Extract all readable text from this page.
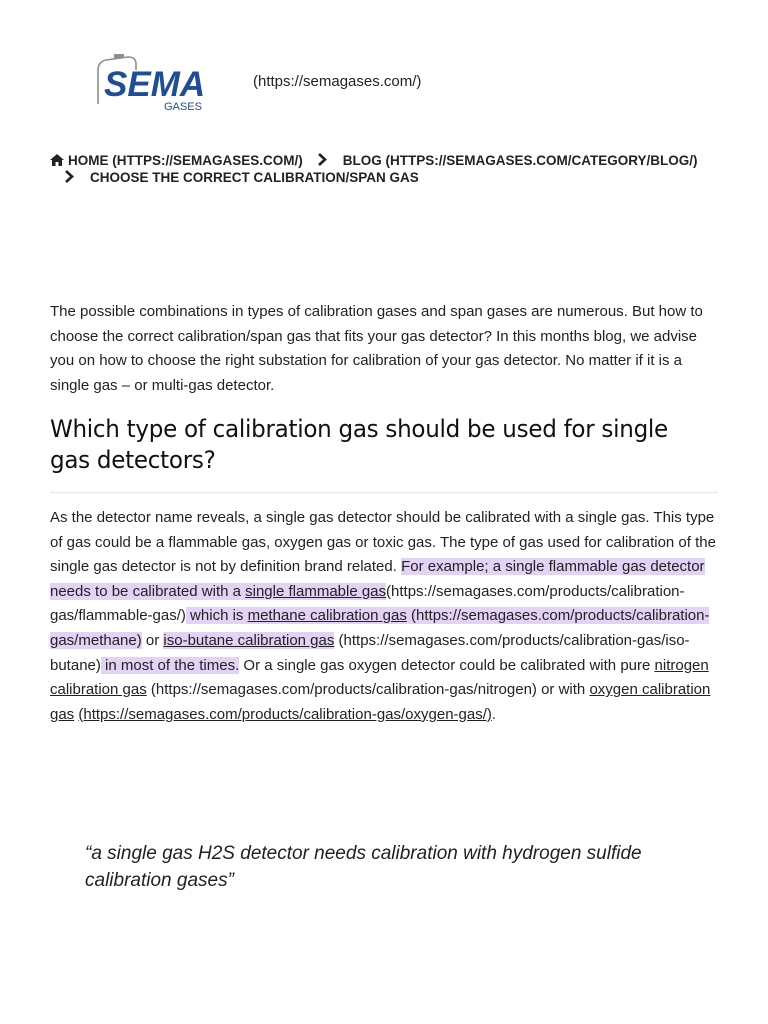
SEMA
GASES
(https://semagases.com/)
HOME (HTTPS://SEMAGASES.COM/)	BLOG (HTTPS://SEMAGASES.COM/CATEGORY/BLOG/)CHOOSE THE CORRECT CALIBRATION/SPAN GAS

The possible combinations in types of calibration gases and span gases are numerous. But how to choose the correct calibration/span gas that fits your gas detector? In this months blog, we advise you on how to choose the right substation for calibration of your gas detector. No matter if it is a single gas – or multi-gas detector.

Which type of calibration gas should be used for single gas detectors?

As the detector name reveals, a single gas detector should be calibrated with a single gas. This type of gas could be a flammable gas, oxygen gas or toxic gas. The type of gas used for calibration of the single gas detector is not by definition brand related. For example; a single flammable gas detector needs to be calibrated with a single flammable gas(https://semagases.com/products/calibration-gas/flammable-gas/) which is methane calibration gas (https://semagases.com/products/calibration-gas/methane) or iso-butane calibration gas (https://semagases.com/products/calibration-gas/iso-butane) in most of the times. Or a single gas oxygen detector could be calibrated with pure nitrogen calibration gas (https://semagases.com/products/calibration-gas/nitrogen) or with oxygen calibration gas (https://semagases.com/products/calibration-gas/oxygen-gas/).

“a single gas H2S detector needs calibration with hydrogen sulfide calibration gases”
